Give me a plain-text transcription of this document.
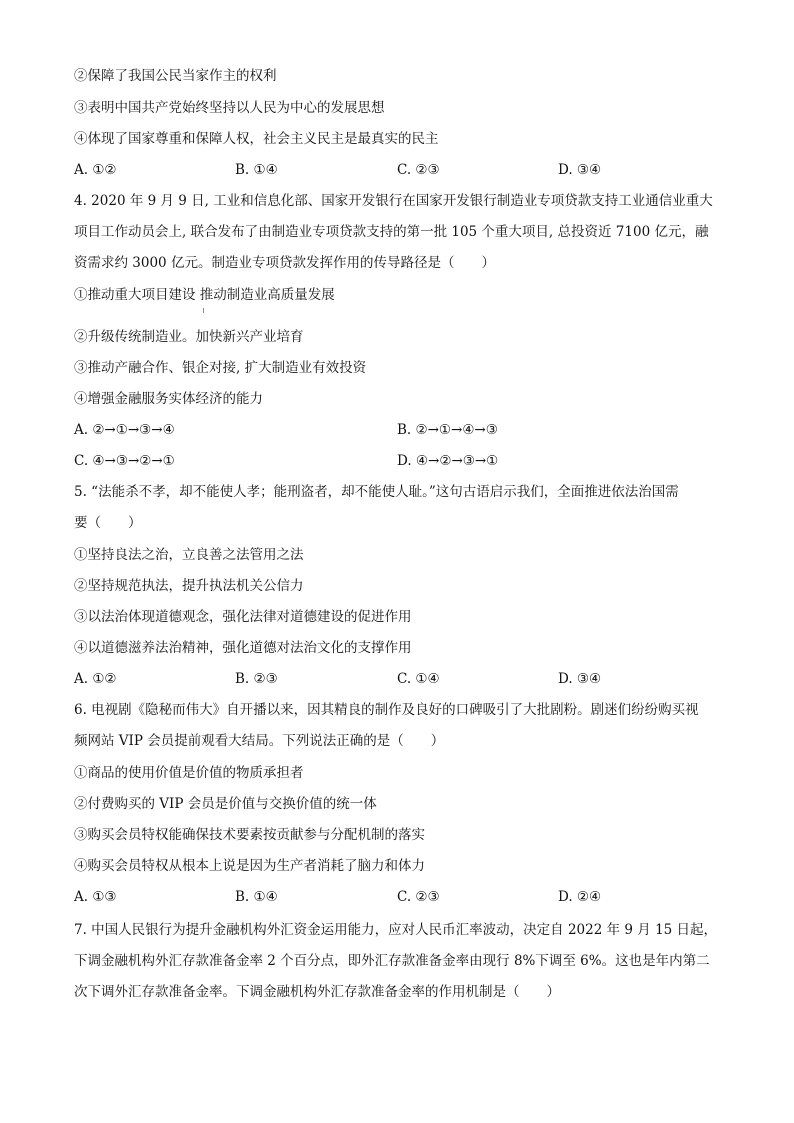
②保障了我国公民当家作主的权利
③表明中国共产党始终坚持以人民为中心的发展思想
④体现了国家尊重和保障人权，社会主义民主是最真实的民主
A. ①②	B. ①④	C. ②③	D. ③④
4. 2020 年 9 月 9 日, 工业和信息化部、国家开发银行在国家开发银行制造业专项贷款支持工业通信业重大
项目工作动员会上, 联合发布了由制造业专项贷款支持的第一批 105 个重大项目, 总投资近 7100 亿元，融
资需求约 3000 亿元。制造业专项贷款发挥作用的传导路径是（　　）
①推动重大项目建设 推动制造业高质量发展
②升级传统制造业。加快新兴产业培育
③推动产融合作、银企对接, 扩大制造业有效投资
④增强金融服务实体经济的能力
A. ②→①→③→④	B. ②→①→④→③
C. ④→③→②→①	D. ④→②→③→①
5. “法能杀不孝，却不能使人孝；能刑盗者，却不能使人耻。”这句古语启示我们，全面推进依法治国需
要（　　）
①坚持良法之治，立良善之法管用之法
②坚持规范执法，提升执法机关公信力
③以法治体现道德观念，强化法律对道德建设的促进作用
④以道德滋养法治精神，强化道德对法治文化的支撑作用
A. ①②	B. ②③	C. ①④	D. ③④
6. 电视剧《隐秘而伟大》自开播以来，因其精良的制作及良好的口碑吸引了大批剧粉。剧迷们纷纷购买视
频网站 VIP 会员提前观看大结局。下列说法正确的是（　　）
①商品的使用价值是价值的物质承担者
②付费购买的 VIP 会员是价值与交换价值的统一体
③购买会员特权能确保技术要素按贡献参与分配机制的落实
④购买会员特权从根本上说是因为生产者消耗了脑力和体力
A. ①③	B. ①④	C. ②③	D. ②④
7. 中国人民银行为提升金融机构外汇资金运用能力，应对人民币汇率波动，决定自 2022 年 9 月 15 日起，
下调金融机构外汇存款准备金率 2 个百分点，即外汇存款准备金率由现行 8%下调至 6%。这也是年内第二
次下调外汇存款准备金率。下调金融机构外汇存款准备金率的作用机制是（　　）
